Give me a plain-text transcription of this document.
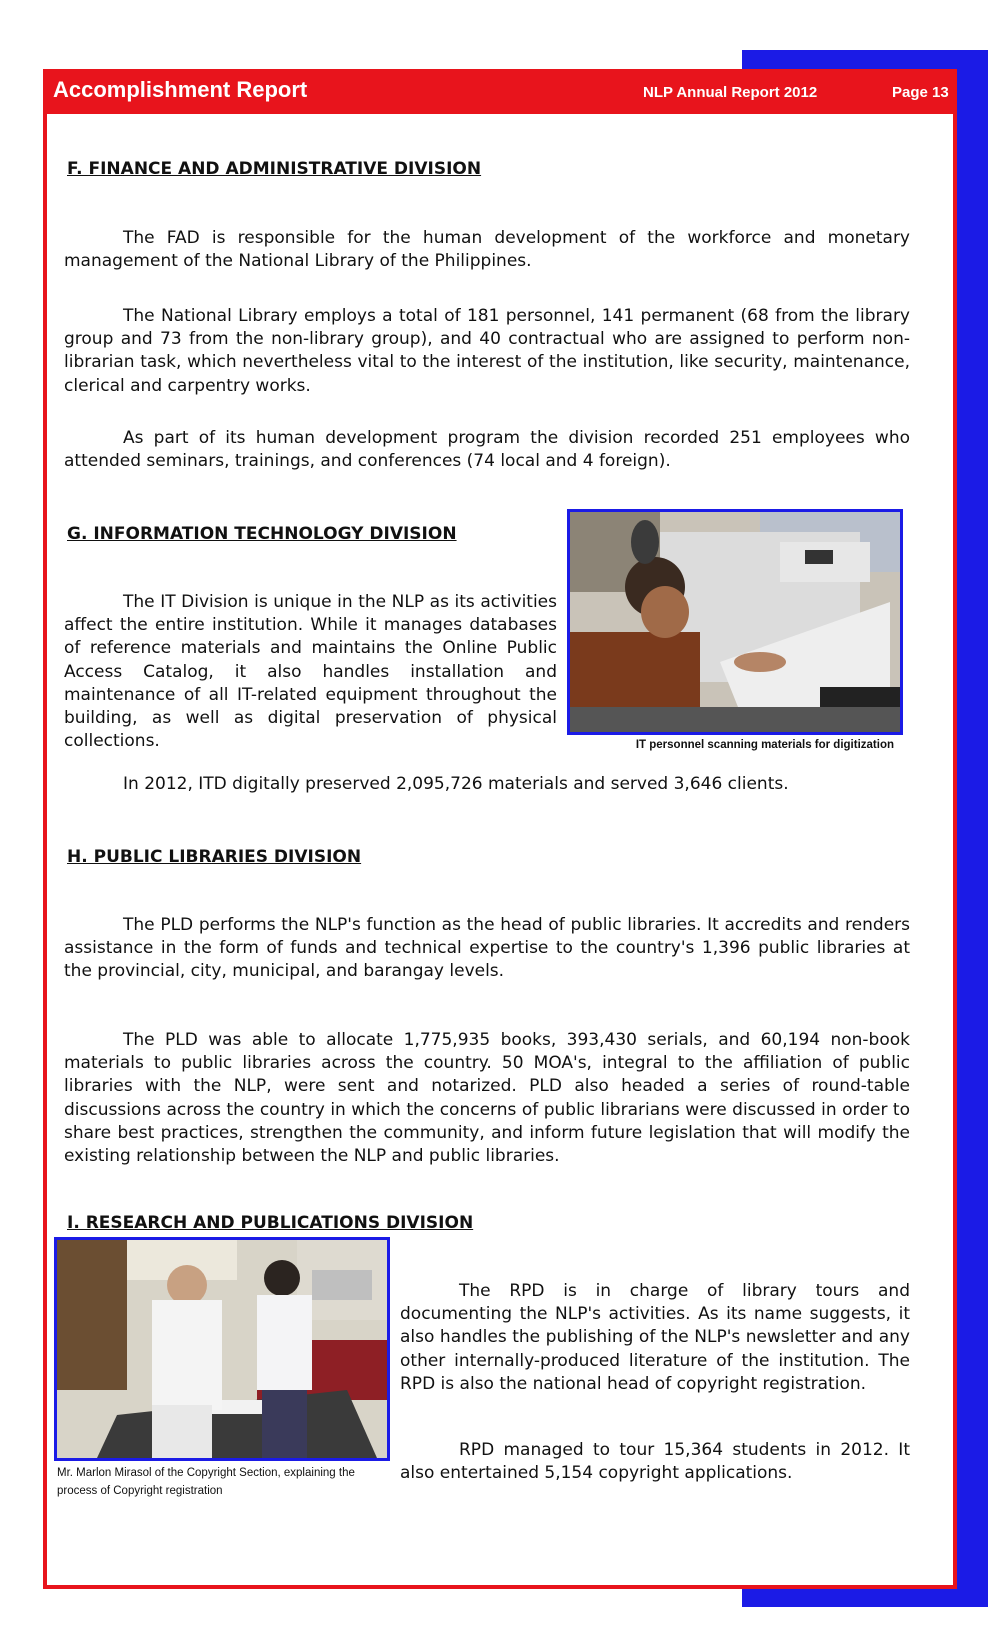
Accomplishment Report	NLP Annual Report 2012	Page 13
F. FINANCE AND ADMINISTRATIVE DIVISION
The FAD is responsible for the human development of the workforce and monetary management of the National Library of the Philippines.
The National Library employs a total of 181 personnel, 141 permanent (68 from the library group and 73 from the non-library group), and 40 contractual who are assigned to perform non-librarian task, which nevertheless vital to the interest of the institution, like security, maintenance, clerical and carpentry works.
As part of its human development program the division recorded 251 employees who attended seminars, trainings, and conferences (74 local and 4 foreign).
G. INFORMATION TECHNOLOGY DIVISION
The IT Division is unique in the NLP as its activities affect the entire institution. While it manages databases of reference materials and maintains the Online Public Access Catalog, it also handles installation and maintenance of all IT-related equipment throughout the building, as well as digital preservation of physical collections.	IT personnel scanning materials for digitization
In 2012, ITD digitally preserved 2,095,726 materials and served 3,646 clients.
H. PUBLIC LIBRARIES DIVISION
The PLD performs the NLP's function as the head of public libraries. It accredits and renders assistance in the form of funds and technical expertise to the country's 1,396 public libraries at the provincial, city, municipal, and barangay levels.
The PLD was able to allocate 1,775,935 books, 393,430 serials, and 60,194 non-book materials to public libraries across the country. 50 MOA's, integral to the affiliation of public libraries with the NLP, were sent and notarized. PLD also headed a series of round-table discussions across the country in which the concerns of public librarians were discussed in order to share best practices, strengthen the community, and inform future legislation that will modify the existing relationship between the NLP and public libraries.
I. RESEARCH AND PUBLICATIONS DIVISION
Mr. Marlon Mirasol of the Copyright Section, explaining the process of Copyright registration
The RPD is in charge of library tours and documenting the NLP's activities. As its name suggests, it also handles the publishing of the NLP's newsletter and any other internally-produced literature of the institution. The RPD is also the national head of copyright registration.
RPD managed to tour 15,364 students in 2012. It also entertained 5,154 copyright applications.
